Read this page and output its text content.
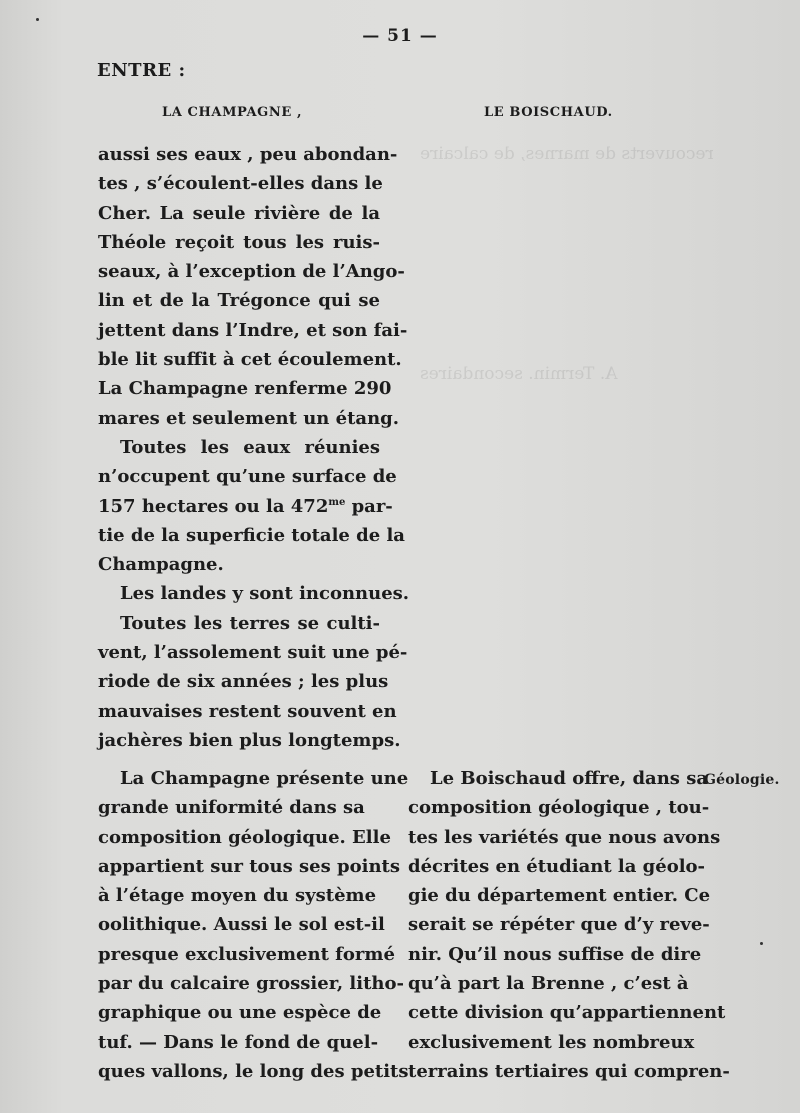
recouverts de marnes, de calcaire
A. Termin. secondaires
— 51 —
ENTRE :
LA CHAMPAGNE ,	LE BOISCHAUD.
aussi ses eaux , peu abondan-
tes , s’écoulent-elles dans le
Cher. La seule rivière de la
Théole reçoit tous les ruis-
seaux, à l’exception de l’Ango-
lin et de la Trégonce qui se
jettent dans l’Indre, et son fai-
ble lit suffit à cet écoulement.
La Champagne renferme 290
mares et seulement un étang.
Toutes les eaux réunies
n’occupent qu’une surface de
157 hectares ou la $472^{me}$ par-
tie de la superficie totale de la
Champagne.
Les landes y sont inconnues.
Toutes les terres se culti-
vent, l’assolement suit une pé-
riode de six années ; les plus
mauvaises restent souvent en
jachères bien plus longtemps.
La Champagne présente une
grande uniformité dans sa
composition géologique. Elle
appartient sur tous ses points
à l’étage moyen du système
oolithique. Aussi le sol est-il
presque exclusivement formé
par du calcaire grossier, litho-
graphique ou une espèce de
tuf. — Dans le fond de quel-
ques vallons, le long des petits
Le Boischaud offre, dans sa
composition géologique , tou-
tes les variétés que nous avons
décrites en étudiant la géolo-
gie du département entier. Ce
serait se répéter que d’y reve-
nir. Qu’il nous suffise de dire
qu’à part la Brenne , c’est à
cette division qu’appartiennent
exclusivement les nombreux
terrains tertiaires qui compren-
Géologie.
